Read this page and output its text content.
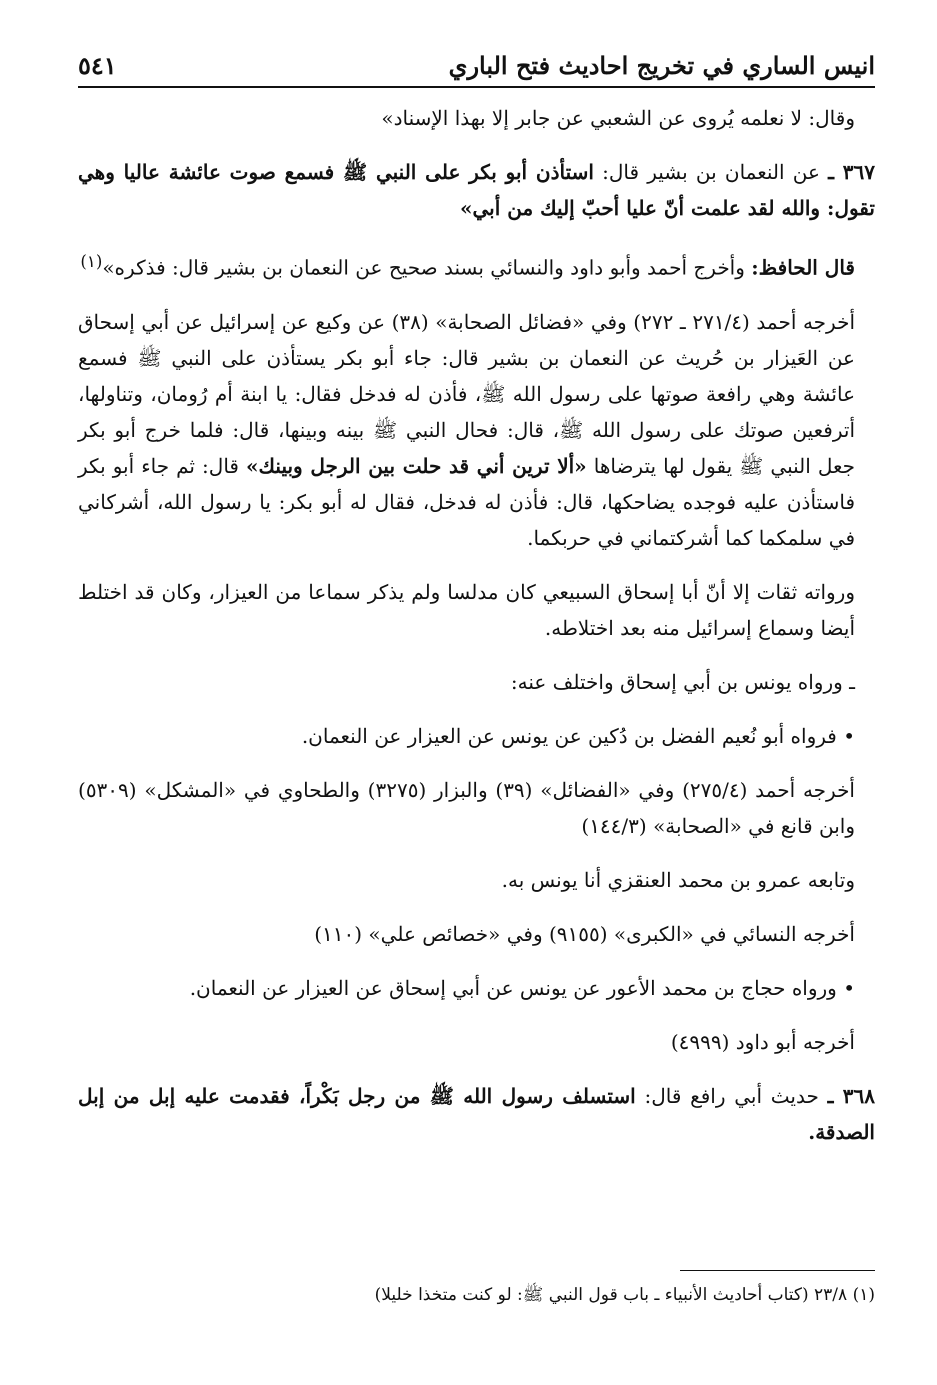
انيس الساري في تخريج احاديث فتح الباري
٥٤١

وقال: لا نعلمه يُروى عن الشعبي عن جابر إلا بهذا الإسناد»

٣٦٧ ـ عن النعمان بن بشير قال: استأذن أبو بكر على النبي ﷺ فسمع صوت عائشة عاليا وهي تقول: والله لقد علمت أنّ عليا أحبّ إليك من أبي»

قال الحافظ: وأخرج أحمد وأبو داود والنسائي بسند صحيح عن النعمان بن بشير قال: فذكره»$^{(١)}$

أخرجه أحمد (٢٧١/٤ ـ ٢٧٢) وفي «فضائل الصحابة» (٣٨) عن وكيع عن إسرائيل عن أبي إسحاق عن العَيزار بن حُريث عن النعمان بن بشير قال: جاء أبو بكر يستأذن على النبي ﷺ فسمع عائشة وهي رافعة صوتها على رسول الله ﷺ، فأذن له فدخل فقال: يا ابنة أم رُومان، وتناولها، أترفعين صوتك على رسول الله ﷺ، قال: فحال النبي ﷺ بينه وبينها، قال: فلما خرج أبو بكر جعل النبي ﷺ يقول لها يترضاها «ألا ترين أني قد حلت بين الرجل وبينك» قال: ثم جاء أبو بكر فاستأذن عليه فوجده يضاحكها، قال: فأذن له فدخل، فقال له أبو بكر: يا رسول الله، أشركاني في سلمكما كما أشركتماني في حربكما.

ورواته ثقات إلا أنّ أبا إسحاق السبيعي كان مدلسا ولم يذكر سماعا من العيزار، وكان قد اختلط أيضا وسماع إسرائيل منه بعد اختلاطه.

ـ ورواه يونس بن أبي إسحاق واختلف عنه:

• فرواه أبو نُعيم الفضل بن دُكين عن يونس عن العيزار عن النعمان.

أخرجه أحمد (٢٧٥/٤) وفي «الفضائل» (٣٩) والبزار (٣٢٧٥) والطحاوي في «المشكل» (٥٣٠٩) وابن قانع في «الصحابة» (١٤٤/٣)

وتابعه عمرو بن محمد العنقزي أنا يونس به.

أخرجه النسائي في «الكبرى» (٩١٥٥) وفي «خصائص علي» (١١٠)

• ورواه حجاج بن محمد الأعور عن يونس عن أبي إسحاق عن العيزار عن النعمان.

أخرجه أبو داود (٤٩٩٩)

٣٦٨ ـ حديث أبي رافع قال: استسلف رسول الله ﷺ من رجل بَكْراً، فقدمت عليه إبل من إبل الصدقة.

(١) ٢٣/٨ (كتاب أحاديث الأنبياء ـ باب قول النبي ﷺ: لو كنت متخذا خليلا)
